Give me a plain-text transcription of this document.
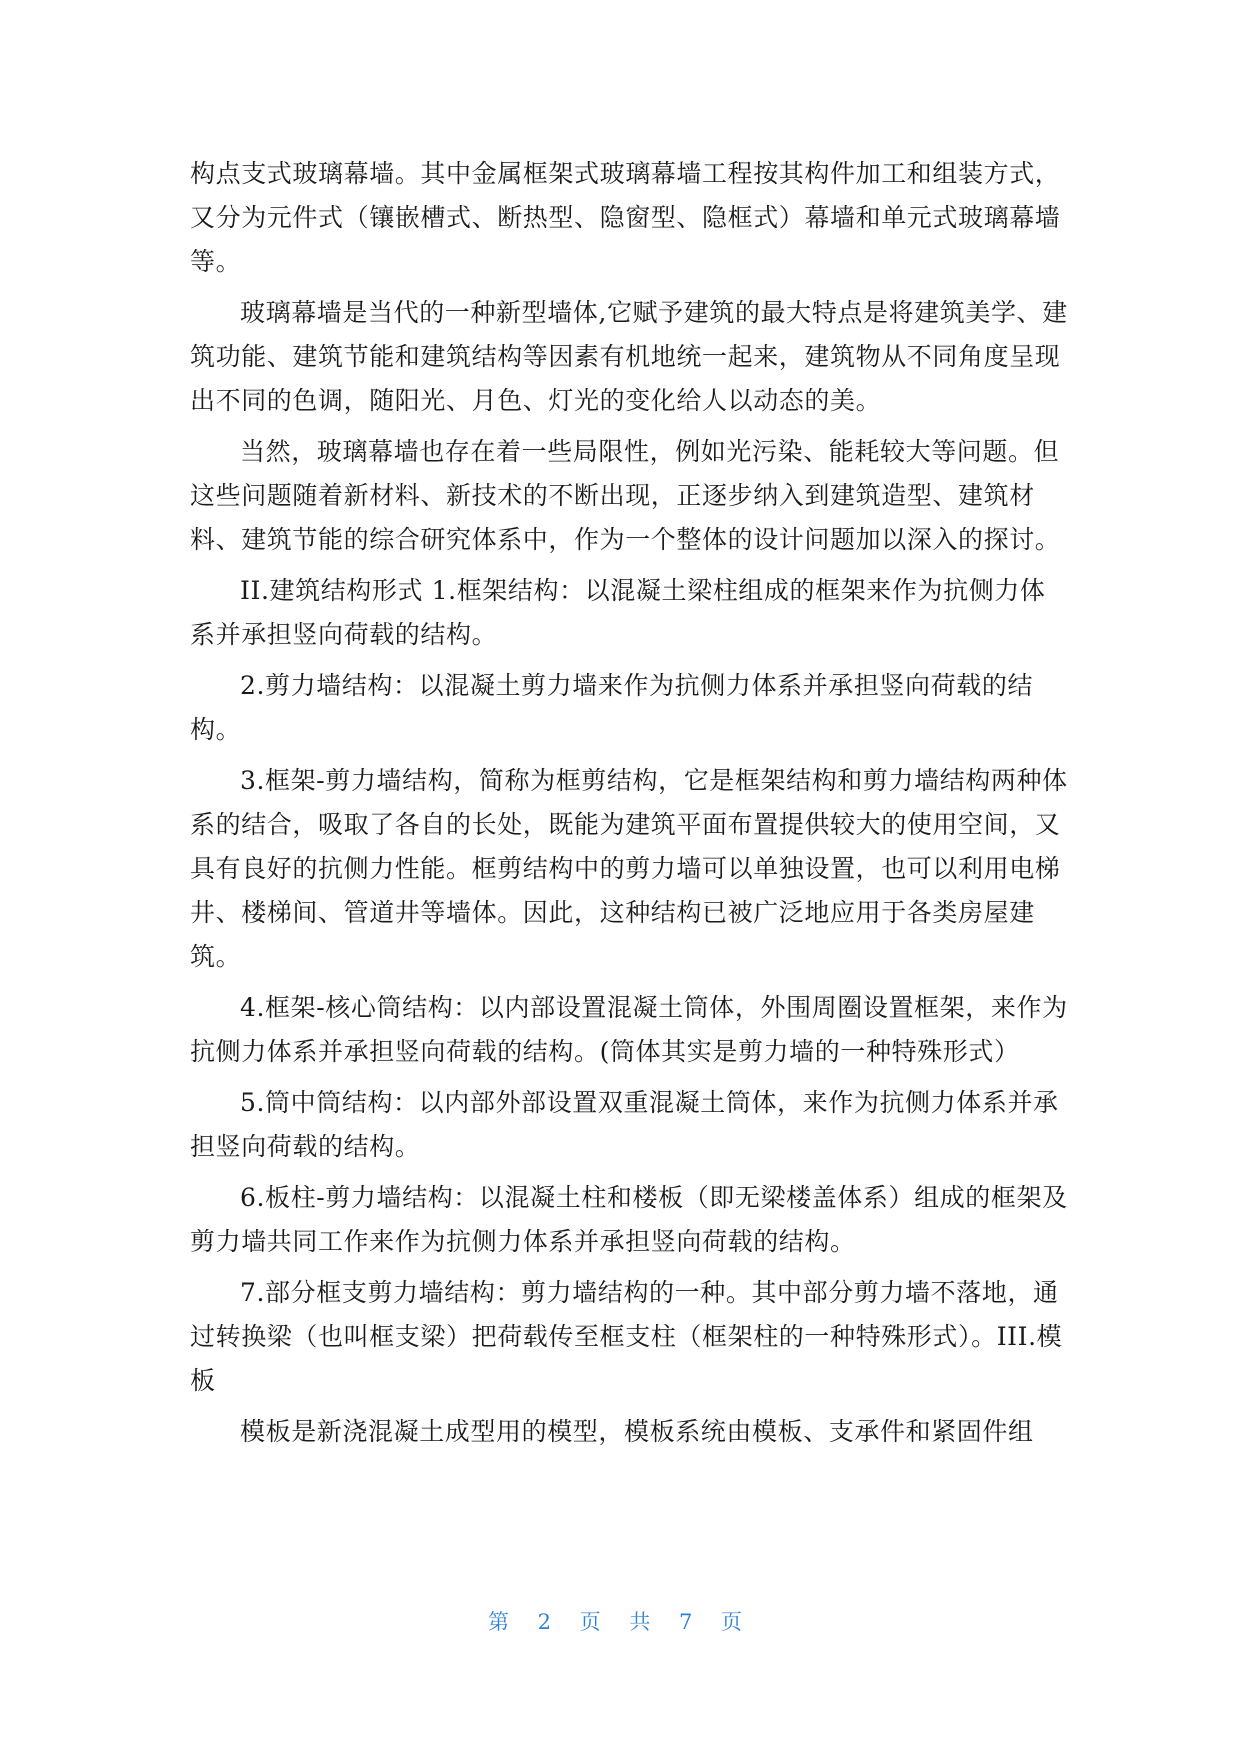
构点支式玻璃幕墙。其中金属框架式玻璃幕墙工程按其构件加工和组装方式，
又分为元件式（镶嵌槽式、断热型、隐窗型、隐框式）幕墙和单元式玻璃幕墙
等。
玻璃幕墙是当代的一种新型墙体,它赋予建筑的最大特点是将建筑美学、建
筑功能、建筑节能和建筑结构等因素有机地统一起来，建筑物从不同角度呈现
出不同的色调，随阳光、月色、灯光的变化给人以动态的美。
当然，玻璃幕墙也存在着一些局限性，例如光污染、能耗较大等问题。但
这些问题随着新材料、新技术的不断出现，正逐步纳入到建筑造型、建筑材
料、建筑节能的综合研究体系中，作为一个整体的设计问题加以深入的探讨。
II.建筑结构形式 1.框架结构：以混凝土梁柱组成的框架来作为抗侧力体
系并承担竖向荷载的结构。
2.剪力墙结构：以混凝土剪力墙来作为抗侧力体系并承担竖向荷载的结
构。
3.框架-剪力墙结构，简称为框剪结构，它是框架结构和剪力墙结构两种体
系的结合，吸取了各自的长处，既能为建筑平面布置提供较大的使用空间，又
具有良好的抗侧力性能。框剪结构中的剪力墙可以单独设置，也可以利用电梯
井、楼梯间、管道井等墙体。因此，这种结构已被广泛地应用于各类房屋建
筑。
4.框架-核心筒结构：以内部设置混凝土筒体，外围周圈设置框架，来作为
抗侧力体系并承担竖向荷载的结构。(筒体其实是剪力墙的一种特殊形式）
5.筒中筒结构：以内部外部设置双重混凝土筒体，来作为抗侧力体系并承
担竖向荷载的结构。
6.板柱-剪力墙结构：以混凝土柱和楼板（即无梁楼盖体系）组成的框架及
剪力墙共同工作来作为抗侧力体系并承担竖向荷载的结构。
7.部分框支剪力墙结构：剪力墙结构的一种。其中部分剪力墙不落地，通
过转换梁（也叫框支梁）把荷载传至框支柱（框架柱的一种特殊形式）。III.模
板
模板是新浇混凝土成型用的模型，模板系统由模板、支承件和紧固件组
第 2 页 共 7 页
